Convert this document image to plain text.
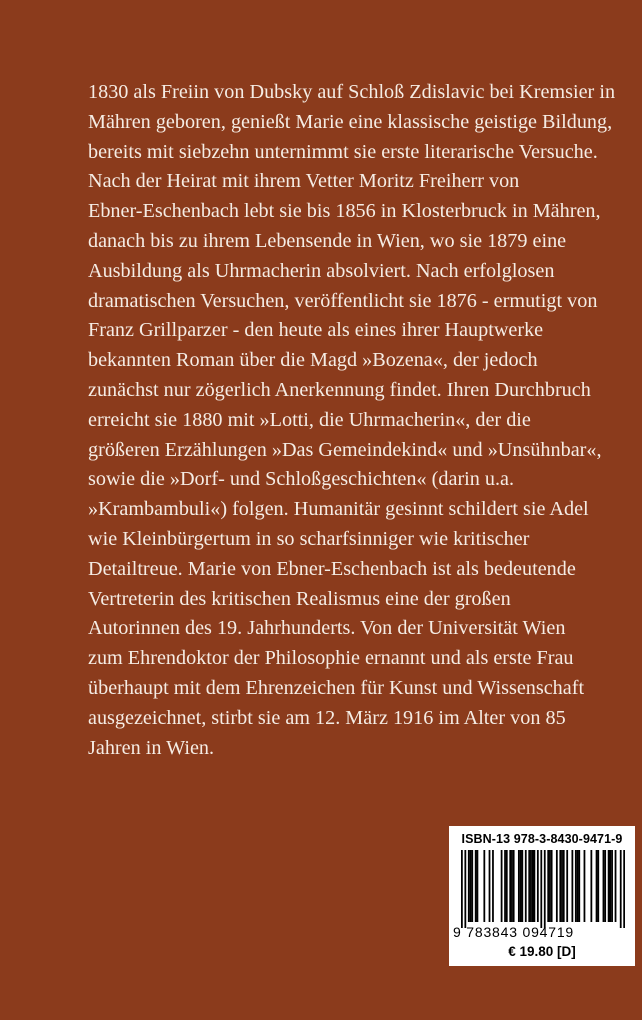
1830 als Freiin von Dubsky auf Schloß Zdislavic bei Kremsier in
Mähren geboren, genießt Marie eine klassische geistige Bildung,
bereits mit siebzehn unternimmt sie erste literarische Versuche.
Nach der Heirat mit ihrem Vetter Moritz Freiherr von
Ebner-Eschenbach lebt sie bis 1856 in Klosterbruck in Mähren,
danach bis zu ihrem Lebensende in Wien, wo sie 1879 eine
Ausbildung als Uhrmacherin absolviert. Nach erfolglosen
dramatischen Versuchen, veröffentlicht sie 1876 - ermutigt von
Franz Grillparzer - den heute als eines ihrer Hauptwerke
bekannten Roman über die Magd »Bozena«, der jedoch
zunächst nur zögerlich Anerkennung findet. Ihren Durchbruch
erreicht sie 1880 mit »Lotti, die Uhrmacherin«, der die
größeren Erzählungen »Das Gemeindekind« und »Unsühnbar«,
sowie die »Dorf- und Schloßgeschichten« (darin u.a.
»Krambambuli«) folgen. Humanitär gesinnt schildert sie Adel
wie Kleinbürgertum in so scharfsinniger wie kritischer
Detailtreue. Marie von Ebner-Eschenbach ist als bedeutende
Vertreterin des kritischen Realismus eine der großen
Autorinnen des 19. Jahrhunderts. Von der Universität Wien
zum Ehrendoktor der Philosophie ernannt und als erste Frau
überhaupt mit dem Ehrenzeichen für Kunst und Wissenschaft
ausgezeichnet, stirbt sie am 12. März 1916 im Alter von 85
Jahren in Wien.

ISBN-13 978-3-8430-9471-9
9 783843 094719
€ 19.80 [D]
